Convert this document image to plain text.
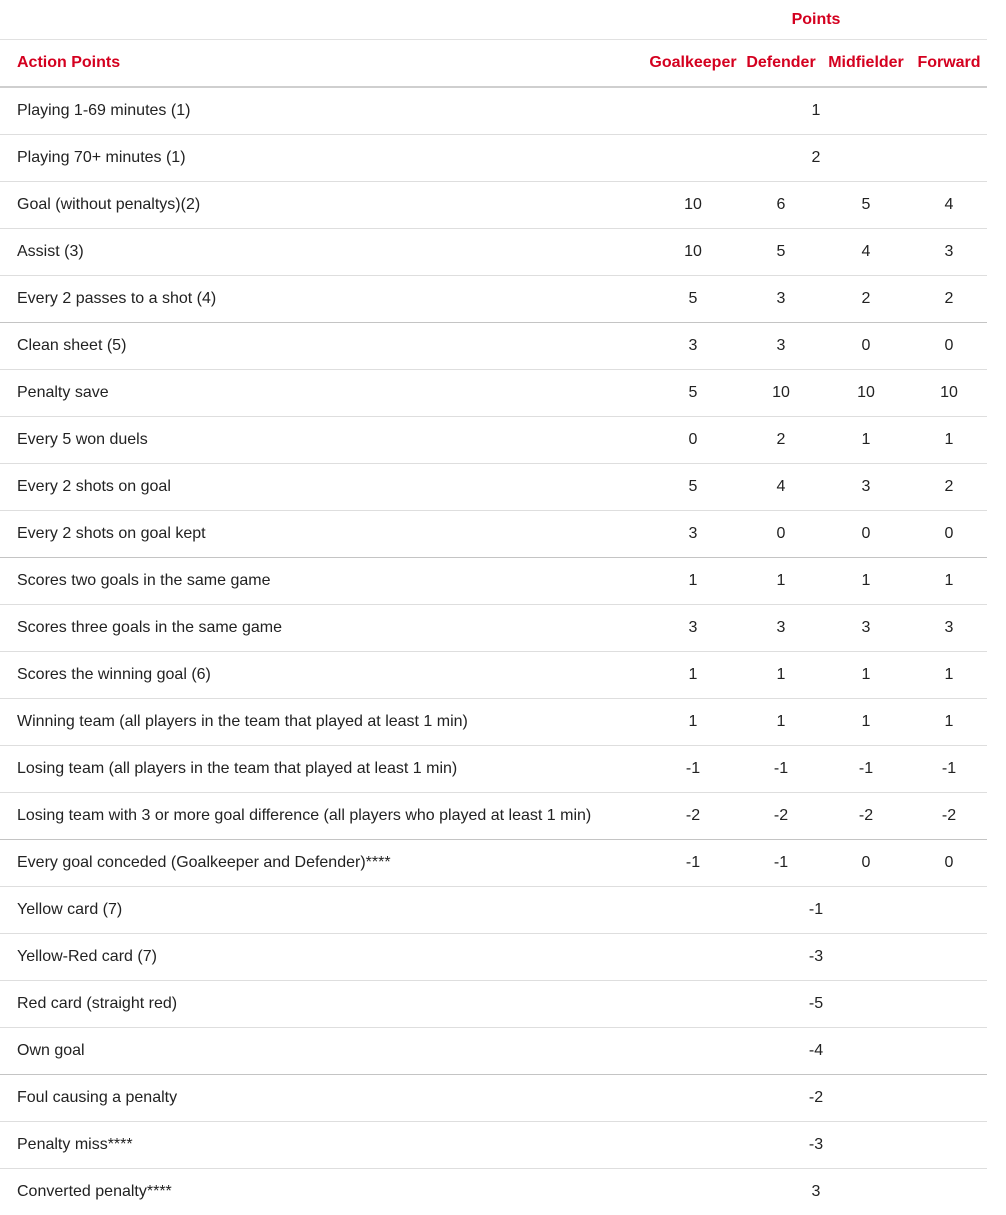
	Points			
Action Points	Goalkeeper	Defender	Midfielder	Forward
Playing 1-69 minutes (1)	1			
Playing 70+ minutes (1)	2			
Goal (without penaltys)(2)	10	6	5	4
Assist (3)	10	5	4	3
Every 2 passes to a shot (4)	5	3	2	2
Clean sheet (5)	3	3	0	0
Penalty save	5	10	10	10
Every 5 won duels	0	2	1	1
Every 2 shots on goal	5	4	3	2
Every 2 shots on goal kept	3	0	0	0
Scores two goals in the same game	1	1	1	1
Scores three goals in the same game	3	3	3	3
Scores the winning goal (6)	1	1	1	1
Winning team (all players in the team that played at least 1 min)	1	1	1	1
Losing team (all players in the team that played at least 1 min)	-1	-1	-1	-1
Losing team with 3 or more goal difference (all players who played at least 1 min)	-2	-2	-2	-2
Every goal conceded (Goalkeeper and Defender)****	-1	-1	0	0
Yellow card (7)	-1			
Yellow-Red card (7)	-3			
Red card (straight red)	-5			
Own goal	-4			
Foul causing a penalty	-2			
Penalty miss****	-3			
Converted penalty****	3			
